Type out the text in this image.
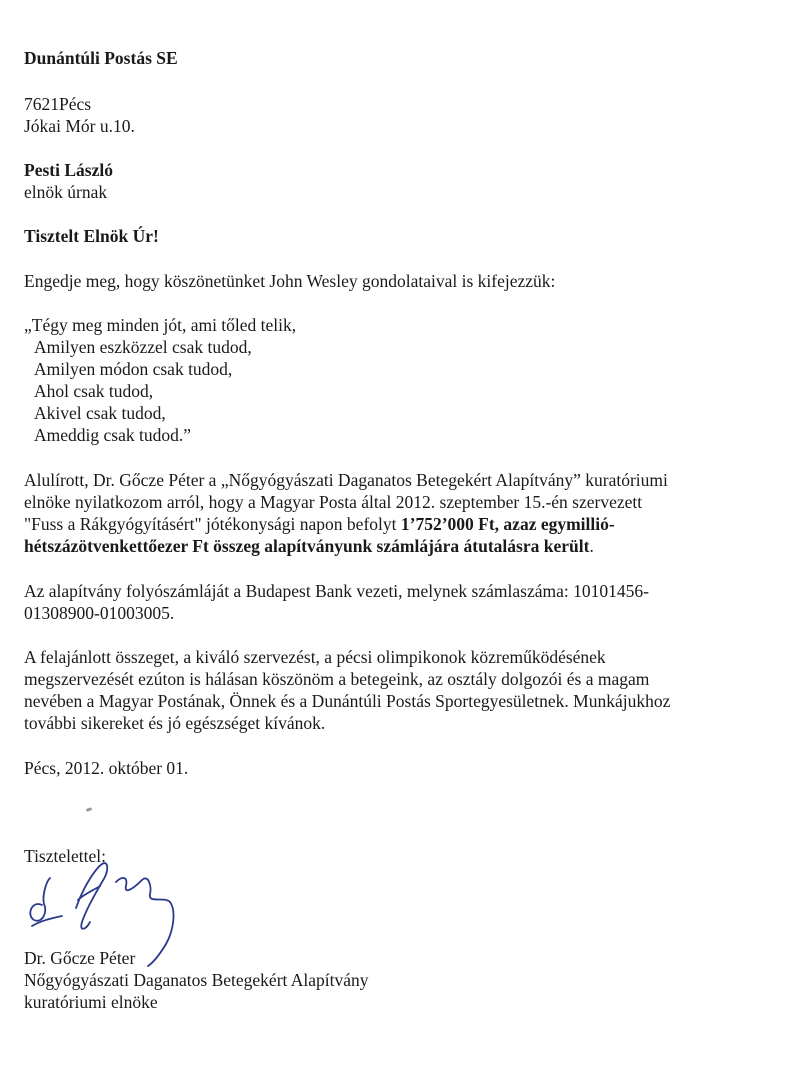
Dunántúli Postás SE
7621Pécs
Jókai Mór u.10.
Pesti László
elnök úrnak
Tisztelt Elnök Úr!
Engedje meg, hogy köszönetünket John Wesley gondolataival is kifejezzük:
„Tégy meg minden jót, ami tőled telik,
Amilyen eszközzel csak tudod,
Amilyen módon csak tudod,
Ahol csak tudod,
Akivel csak tudod,
Ameddig csak tudod.”
Alulírott, Dr. Gőcze Péter a „Nőgyógyászati Daganatos Betegekért Alapítvány” kuratóriumi
elnöke nyilatkozom arról, hogy a Magyar Posta által 2012. szeptember 15.-én szervezett
"Fuss a Rákgyógyításért" jótékonysági napon befolyt 1’752’000 Ft, azaz egymillió-
hétszázötvenkettőezer Ft összeg alapítványunk számlájára átutalásra került.
Az alapítvány folyószámláját a Budapest Bank vezeti, melynek számlaszáma: 10101456-
01308900-01003005.
A felajánlott összeget, a kiváló szervezést, a pécsi olimpikonok közreműködésének
megszervezését ezúton is hálásan köszönöm a betegeink, az osztály dolgozói és a magam
nevében a Magyar Postának, Önnek és a Dunántúli Postás Sportegyesületnek. Munkájukhoz
további sikereket és jó egészséget kívánok.
Pécs, 2012. október 01.
Tisztelettel:
Dr. Gőcze Péter
Nőgyógyászati Daganatos Betegekért Alapítvány
kuratóriumi elnöke
